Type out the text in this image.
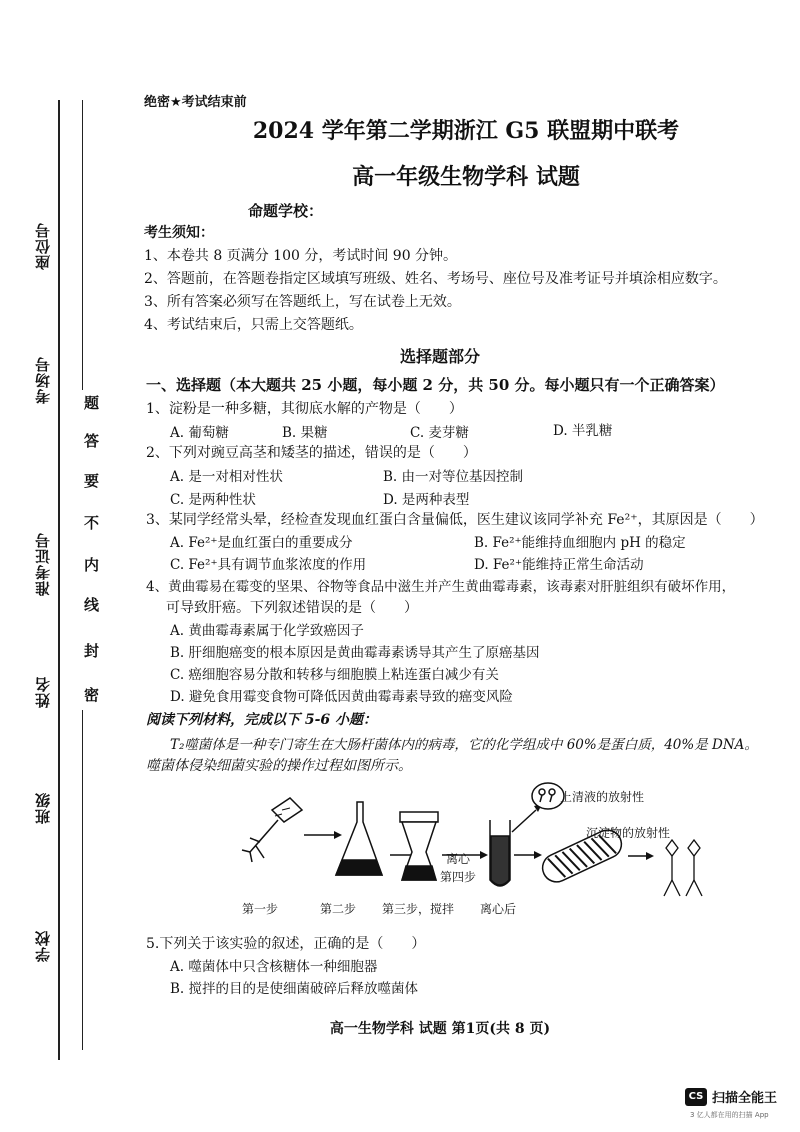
座位号
考场号
准考证号
姓名
班级
学校
题
答
要
不
内
线
封
密
绝密★考试结束前
2024 学年第二学期浙江 G5 联盟期中联考
高一年级生物学科 试题
命题学校：
考生须知：
1、本卷共 8 页满分 100 分，考试时间 90 分钟。
2、答题前，在答题卷指定区域填写班级、姓名、考场号、座位号及准考证号并填涂相应数字。
3、所有答案必须写在答题纸上，写在试卷上无效。
4、考试结束后，只需上交答题纸。
选择题部分
一、选择题（本大题共 25 小题，每小题 2 分，共 50 分。每小题只有一个正确答案）
1、淀粉是一种多糖，其彻底水解的产物是（　　）
A. 葡萄糖	B. 果糖	C. 麦芽糖	D. 半乳糖
2、下列对豌豆高茎和矮茎的描述，错误的是（　　）
A. 是一对相对性状	B. 由一对等位基因控制
C. 是两种性状	D. 是两种表型
3、某同学经常头晕，经检查发现血红蛋白含量偏低，医生建议该同学补充 Fe²⁺，其原因是（　　）
A. Fe²⁺是血红蛋白的重要成分	B. Fe²⁺能维持血细胞内 pH 的稳定
C. Fe²⁺具有调节血浆浓度的作用	D. Fe²⁺能维持正常生命活动
4、黄曲霉易在霉变的坚果、谷物等食品中滋生并产生黄曲霉毒素，该毒素对肝脏组织有破坏作用，
可导致肝癌。下列叙述错误的是（　　）
A. 黄曲霉毒素属于化学致癌因子
B. 肝细胞癌变的根本原因是黄曲霉毒素诱导其产生了原癌基因
C. 癌细胞容易分散和转移与细胞膜上粘连蛋白减少有关
D. 避免食用霉变食物可降低因黄曲霉毒素导致的癌变风险
阅读下列材料，完成以下 5-6 小题：
T₂噬菌体是一种专门寄生在大肠杆菌体内的病毒，它的化学组成中 60%是蛋白质，40%是 DNA。
噬菌体侵染细菌实验的操作过程如图所示。
上清液的放射性
沉淀物的放射性
离心
第四步
第一步	第二步 第三步，搅拌 离心后
5.下列关于该实验的叙述，正确的是（　　）
A. 噬菌体中只含核糖体一种细胞器
B. 搅拌的目的是使细菌破碎后释放噬菌体
高一生物学科 试题 第1页(共 8 页)
CS 扫描全能王
3 亿人都在用的扫描 App
